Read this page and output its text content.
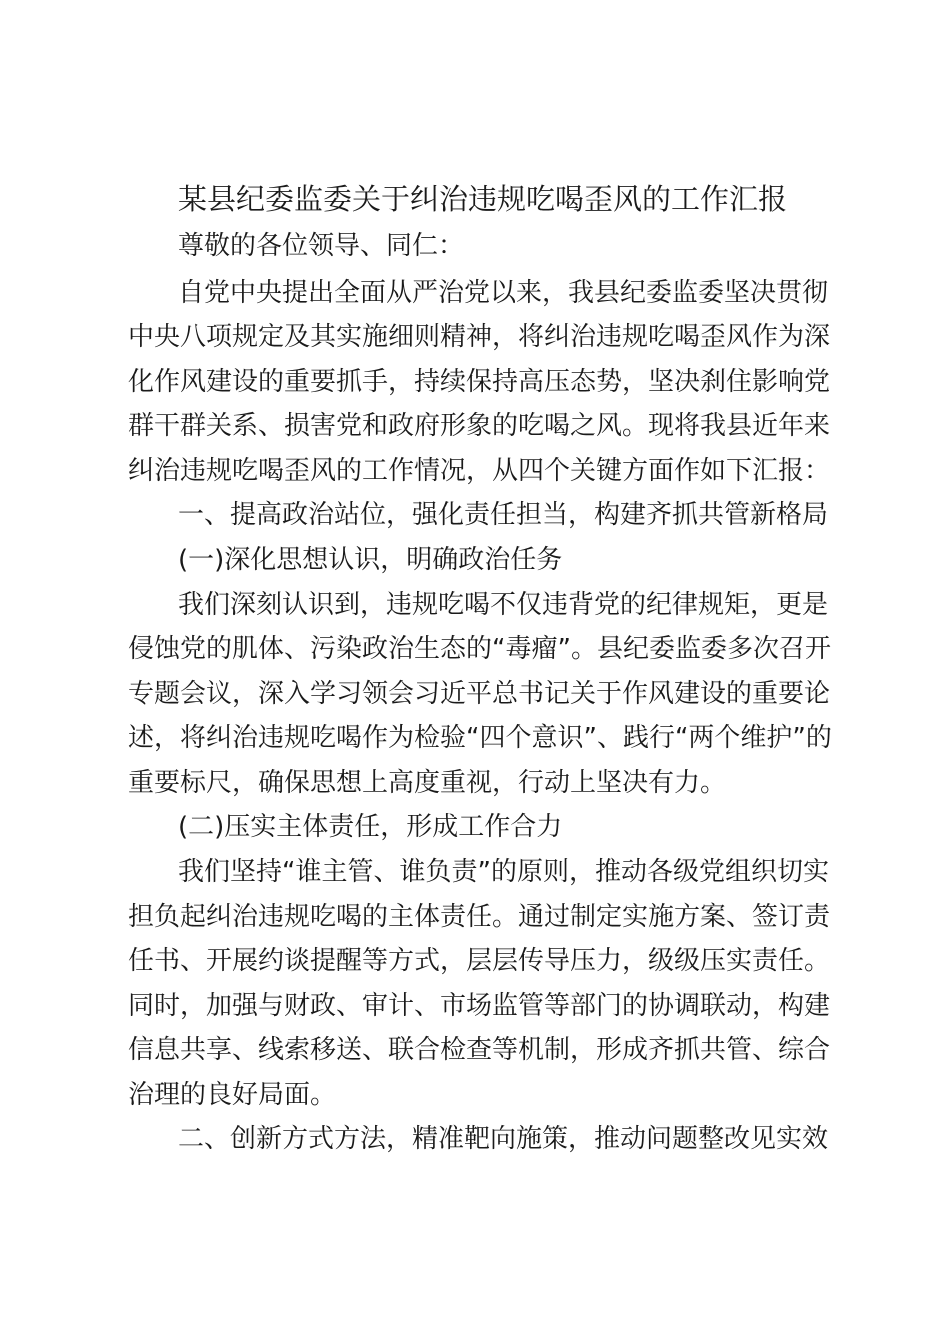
某县纪委监委关于纠治违规吃喝歪风的工作汇报
尊敬的各位领导、同仁：
自党中央提出全面从严治党以来，我县纪委监委坚决贯彻
中央八项规定及其实施细则精神，将纠治违规吃喝歪风作为深
化作风建设的重要抓手，持续保持高压态势，坚决刹住影响党
群干群关系、损害党和政府形象的吃喝之风。现将我县近年来
纠治违规吃喝歪风的工作情况，从四个关键方面作如下汇报：
一、提高政治站位，强化责任担当，构建齐抓共管新格局
(一)深化思想认识，明确政治任务
我们深刻认识到，违规吃喝不仅违背党的纪律规矩，更是
侵蚀党的肌体、污染政治生态的“毒瘤”。县纪委监委多次召开
专题会议，深入学习领会习近平总书记关于作风建设的重要论
述，将纠治违规吃喝作为检验“四个意识”、践行“两个维护”的
重要标尺，确保思想上高度重视，行动上坚决有力。
(二)压实主体责任，形成工作合力
我们坚持“谁主管、谁负责”的原则，推动各级党组织切实
担负起纠治违规吃喝的主体责任。通过制定实施方案、签订责
任书、开展约谈提醒等方式，层层传导压力，级级压实责任。
同时，加强与财政、审计、市场监管等部门的协调联动，构建
信息共享、线索移送、联合检查等机制，形成齐抓共管、综合
治理的良好局面。
二、创新方式方法，精准靶向施策，推动问题整改见实效
